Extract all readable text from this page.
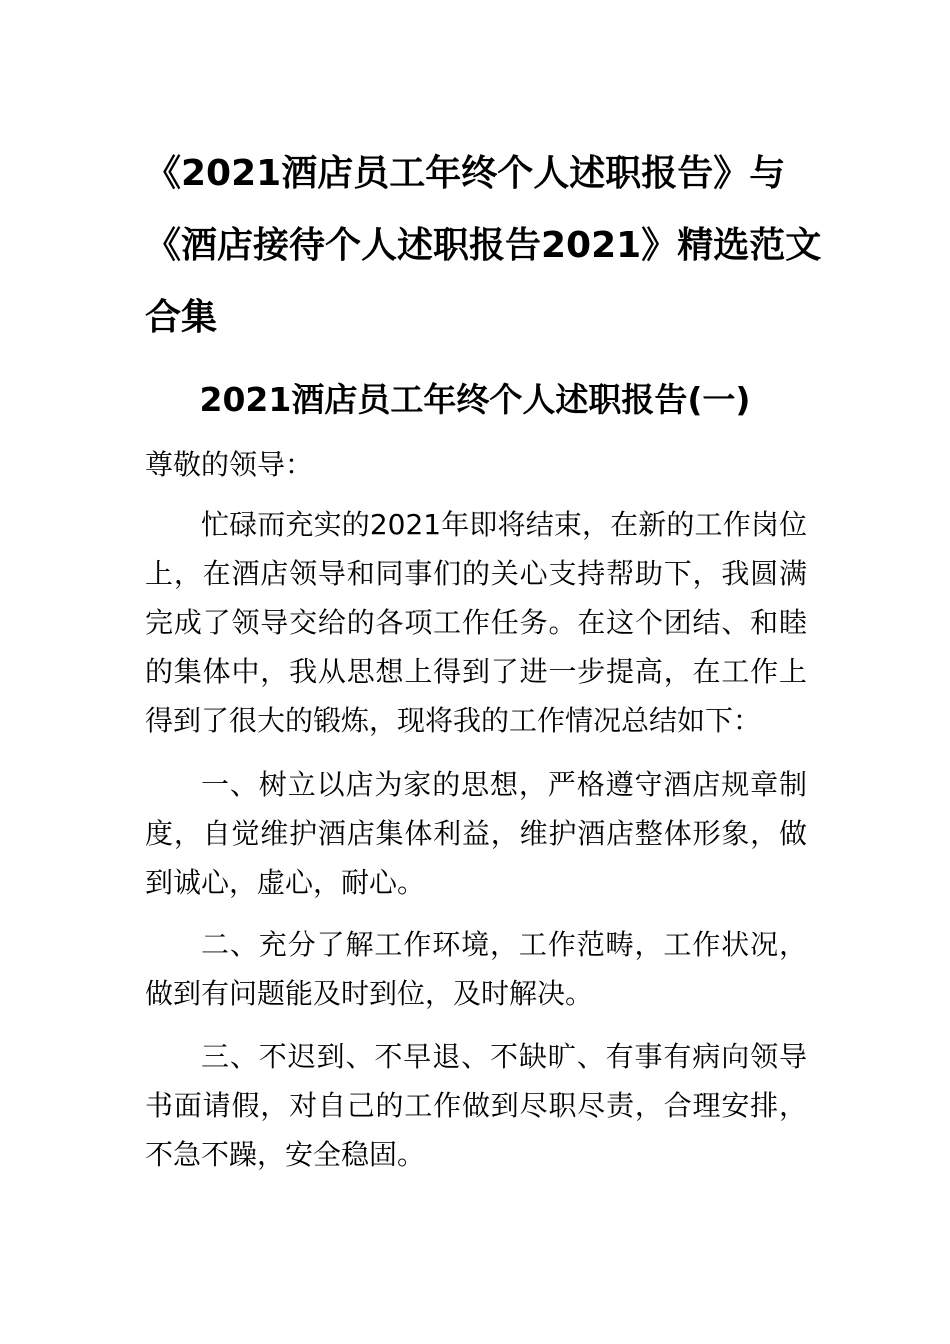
《2021酒店员工年终个人述职报告》与《酒店接待个人述职报告2021》精选范文合集
2021酒店员工年终个人述职报告(一)

尊敬的领导：

忙碌而充实的2021年即将结束，在新的工作岗位上，在酒店领导和同事们的关心支持帮助下，我圆满完成了领导交给的各项工作任务。在这个团结、和睦的集体中，我从思想上得到了进一步提高，在工作上得到了很大的锻炼，现将我的工作情况总结如下：

一、树立以店为家的思想，严格遵守酒店规章制度，自觉维护酒店集体利益，维护酒店整体形象，做到诚心，虚心，耐心。

二、充分了解工作环境，工作范畴，工作状况，做到有问题能及时到位，及时解决。

三、不迟到、不早退、不缺旷、有事有病向领导书面请假，对自己的工作做到尽职尽责，合理安排，不急不躁，安全稳固。
